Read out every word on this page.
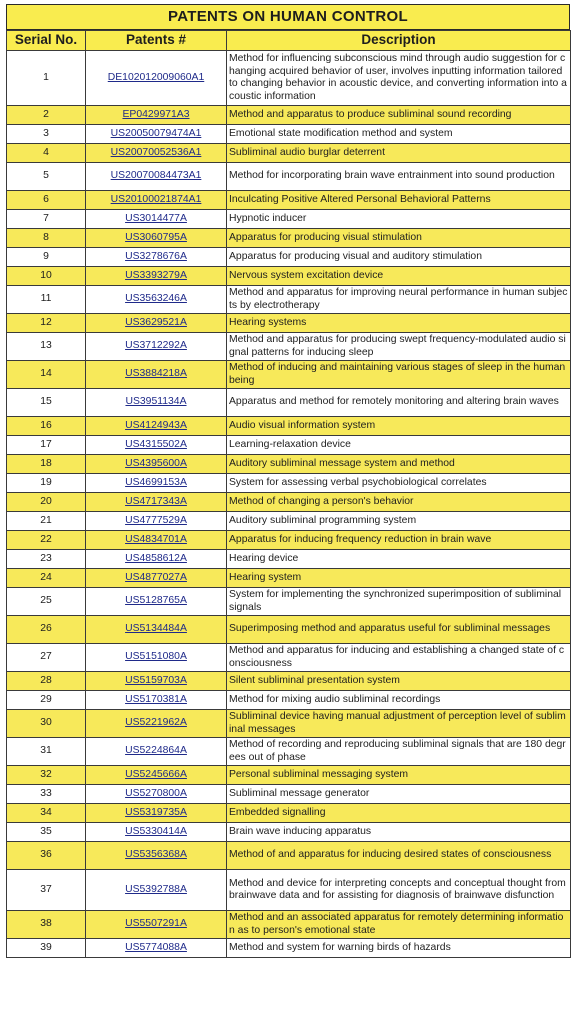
PATENTS ON HUMAN CONTROL
Serial No.	Patents #	Description
1	DE102012009060A1	Method for influencing subconscious mind through audio suggestion for changing acquired behavior of user, involves inputting information tailored to changing behavior in acoustic device, and converting information into acoustic information
2	EP0429971A3	Method and apparatus to produce subliminal sound recording
3	US20050079474A1	Emotional state modification method and system
4	US20070052536A1	Subliminal audio burglar deterrent
5	US20070084473A1	Method for incorporating brain wave entrainment into sound production
6	US20100021874A1	Inculcating Positive Altered Personal Behavioral Patterns
7	US3014477A	Hypnotic inducer
8	US3060795A	Apparatus for producing visual stimulation
9	US3278676A	Apparatus for producing visual and auditory stimulation
10	US3393279A	Nervous system excitation device
11	US3563246A	Method and apparatus for improving neural performance in human subjects by electrotherapy
12	US3629521A	Hearing systems
13	US3712292A	Method and apparatus for producing swept frequency-modulated audio signal patterns for inducing sleep
14	US3884218A	Method of inducing and maintaining various stages of sleep in the human being
15	US3951134A	Apparatus and method for remotely monitoring and altering brain waves
16	US4124943A	Audio visual information system
17	US4315502A	Learning-relaxation device
18	US4395600A	Auditory subliminal message system and method
19	US4699153A	System for assessing verbal psychobiological correlates
20	US4717343A	Method of changing a person's behavior
21	US4777529A	Auditory subliminal programming system
22	US4834701A	Apparatus for inducing frequency reduction in brain wave
23	US4858612A	Hearing device
24	US4877027A	Hearing system
25	US5128765A	System for implementing the synchronized superimposition of subliminal signals
26	US5134484A	Superimposing method and apparatus useful for subliminal messages
27	US5151080A	Method and apparatus for inducing and establishing a changed state of consciousness
28	US5159703A	Silent subliminal presentation system
29	US5170381A	Method for mixing audio subliminal recordings
30	US5221962A	Subliminal device having manual adjustment of perception level of subliminal messages
31	US5224864A	Method of recording and reproducing subliminal signals that are 180 degrees out of phase
32	US5245666A	Personal subliminal messaging system
33	US5270800A	Subliminal message generator
34	US5319735A	Embedded signalling
35	US5330414A	Brain wave inducing apparatus
36	US5356368A	Method of and apparatus for inducing desired states of consciousness
37	US5392788A	Method and device for interpreting concepts and conceptual thought from brainwave data and for assisting for diagnosis of brainwave disfunction
38	US5507291A	Method and an associated apparatus for remotely determining information as to person's emotional state
39	US5774088A	Method and system for warning birds of hazards
